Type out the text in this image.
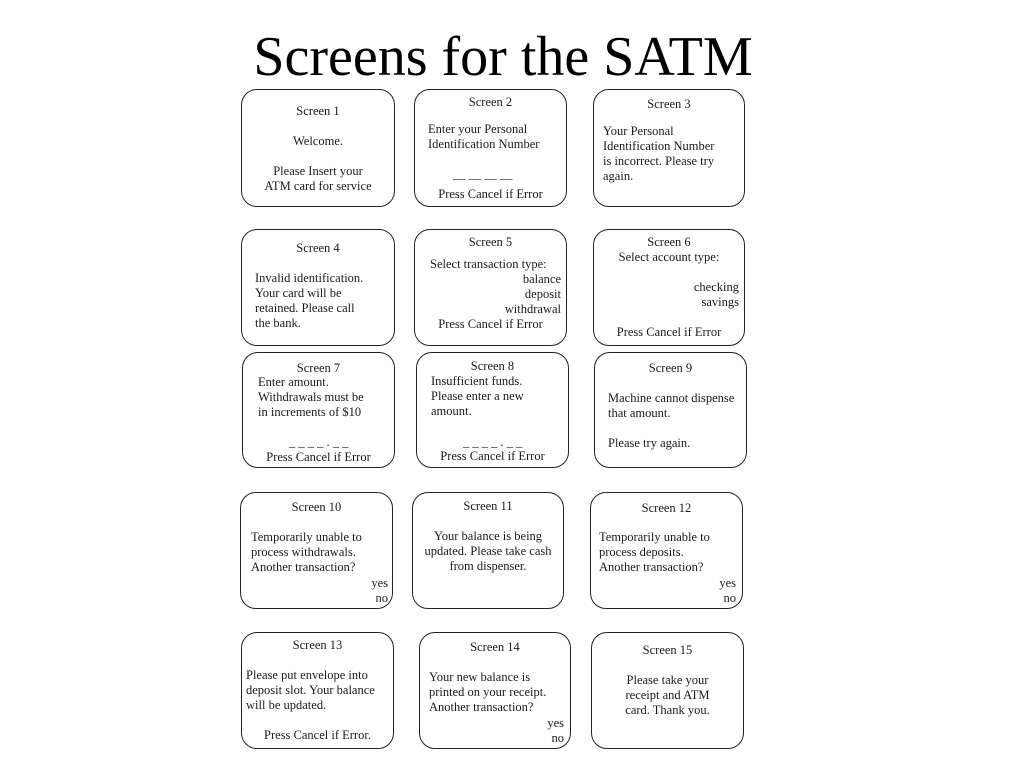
Screens for the SATM
Screen 1
Welcome.
Please Insert your
ATM card for service
Screen 2
Enter your Personal
Identification Number
__ __ __ __
Press Cancel if Error
Screen 3
Your Personal
Identification Number
is incorrect. Please try
again.
Screen 4
Invalid identification.
Your card will be
retained. Please call
the bank.
Screen 5
Select transaction type:
balance
deposit
withdrawal
Press Cancel if Error
Screen 6
Select account type:
checking
savings
Press Cancel if Error
Screen 7
Enter amount.
Withdrawals must be
in increments of $10
_ _ _ _ . _ _
Press Cancel if Error
Screen 8
Insufficient funds.
Please enter a new
amount.
_ _ _ _ . _ _
Press Cancel if Error
Screen 9
Machine cannot dispense
that amount.
Please try again.
Screen 10
Temporarily unable to
process withdrawals.
Another transaction?
yes
no
Screen 11
Your balance is being
updated. Please take cash
from dispenser.
Screen 12
Temporarily unable to
process deposits.
Another transaction?
yes
no
Screen 13
Please put envelope into
deposit slot. Your balance
will be updated.
Press Cancel if Error.
Screen 14
Your new balance is
printed on your receipt.
Another transaction?
yes
no
Screen 15
Please take your
receipt and ATM
card. Thank you.
